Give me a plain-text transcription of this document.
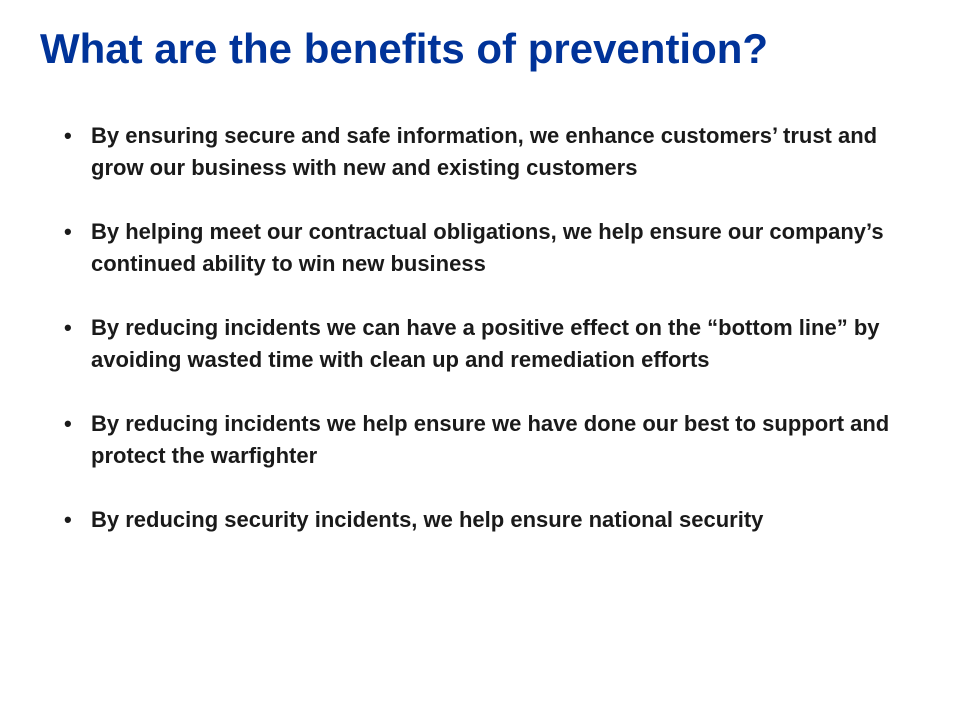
What are the benefits of prevention?
• By ensuring secure and safe information, we enhance customers’ trust and grow our business with new and existing customers
• By helping meet our contractual obligations, we help ensure our company’s continued ability to win new business
• By reducing incidents we can have a positive effect on the “bottom line” by avoiding wasted time with clean up and remediation efforts
• By reducing incidents we help ensure we have done our best to support and protect the warfighter
• By reducing security incidents, we help ensure national security
